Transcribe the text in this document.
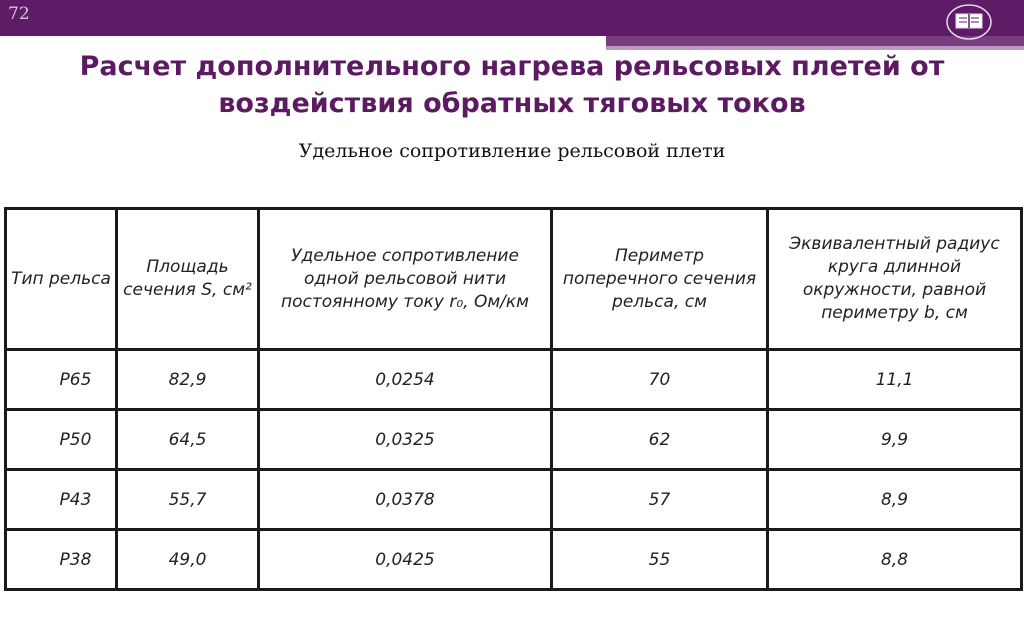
72
Расчет дополнительного нагрева рельсовых плетей от воздействия обратных тяговых токов
Удельное сопротивление рельсовой плети
Тип рельса	Площадь сечения S, см²	Удельное сопротивление одной рельсовой нити постоянному току r₀, Ом/км	Периметр поперечного сечения рельса, см	Эквивалентный радиус круга длинной окружности, равной периметру b, см
Р65	82,9	0,0254	70	11,1
Р50	64,5	0,0325	62	9,9
Р43	55,7	0,0378	57	8,9
Р38	49,0	0,0425	55	8,8
